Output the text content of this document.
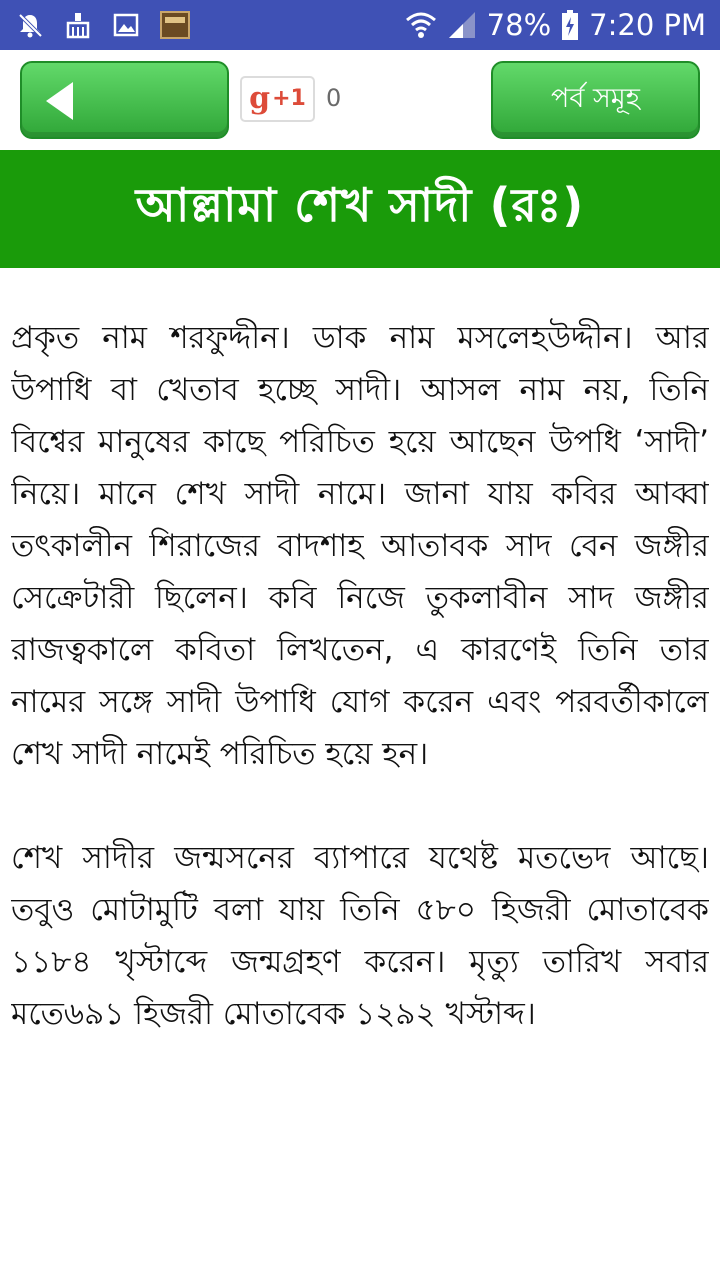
78% 7:20 PM
g +1 0	পর্ব সমূহ
আল্লামা শেখ সাদী (রঃ)

প্রকৃত নাম শরফুদ্দীন। ডাক নাম মসলেহউদ্দীন। আর উপাধি বা খেতাব হচ্ছে সাদী। আসল নাম নয়, তিনি বিশ্বের মানুষের কাছে পরিচিত হয়ে আছেন উপধি ‘সাদী’ নিয়ে। মানে শেখ সাদী নামে। জানা যায় কবির আব্বা তৎকালীন শিরাজের বাদশাহ আতাবক সাদ বেন জঙ্গীর সেক্রেটারী ছিলেন। কবি নিজে তুকলাবীন সাদ জঙ্গীর রাজত্বকালে কবিতা লিখতেন, এ কারণেই তিনি তার নামের সঙ্গে সাদী উপাধি যোগ করেন এবং পরবর্তীকালে শেখ সাদী নামেই পরিচিত হয়ে হন।

শেখ সাদীর জন্মসনের ব্যাপারে যথেষ্ট মতভেদ আছে। তবুও মোটামুটি বলা যায় তিনি ৫৮০ হিজরী মোতাবেক ১১৮৪ খৃস্টাব্দে জন্মগ্রহণ করেন। মৃত্যু তারিখ সবার মতে৬৯১ হিজরী মোতাবেক ১২৯২ খস্টাব্দ।
